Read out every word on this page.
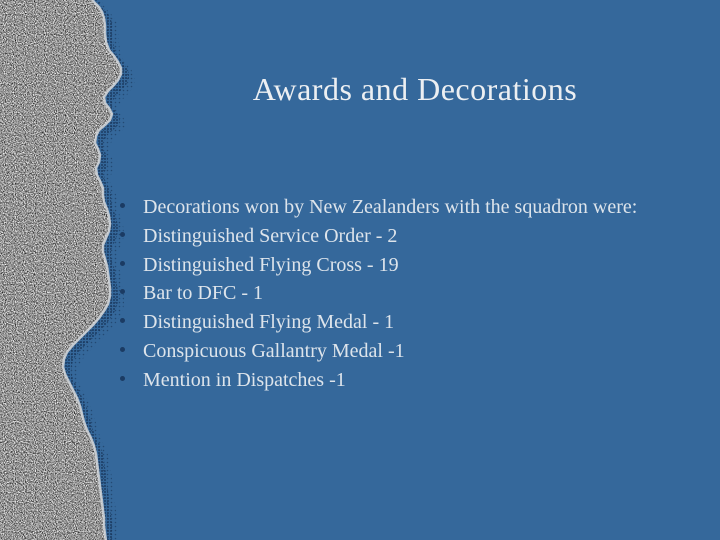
Awards and Decorations
Decorations won by New Zealanders with the squadron were:
Distinguished Service Order - 2
Distinguished Flying Cross - 19
Bar to DFC - 1
Distinguished Flying Medal - 1
Conspicuous Gallantry Medal -1
Mention in Dispatches -1
